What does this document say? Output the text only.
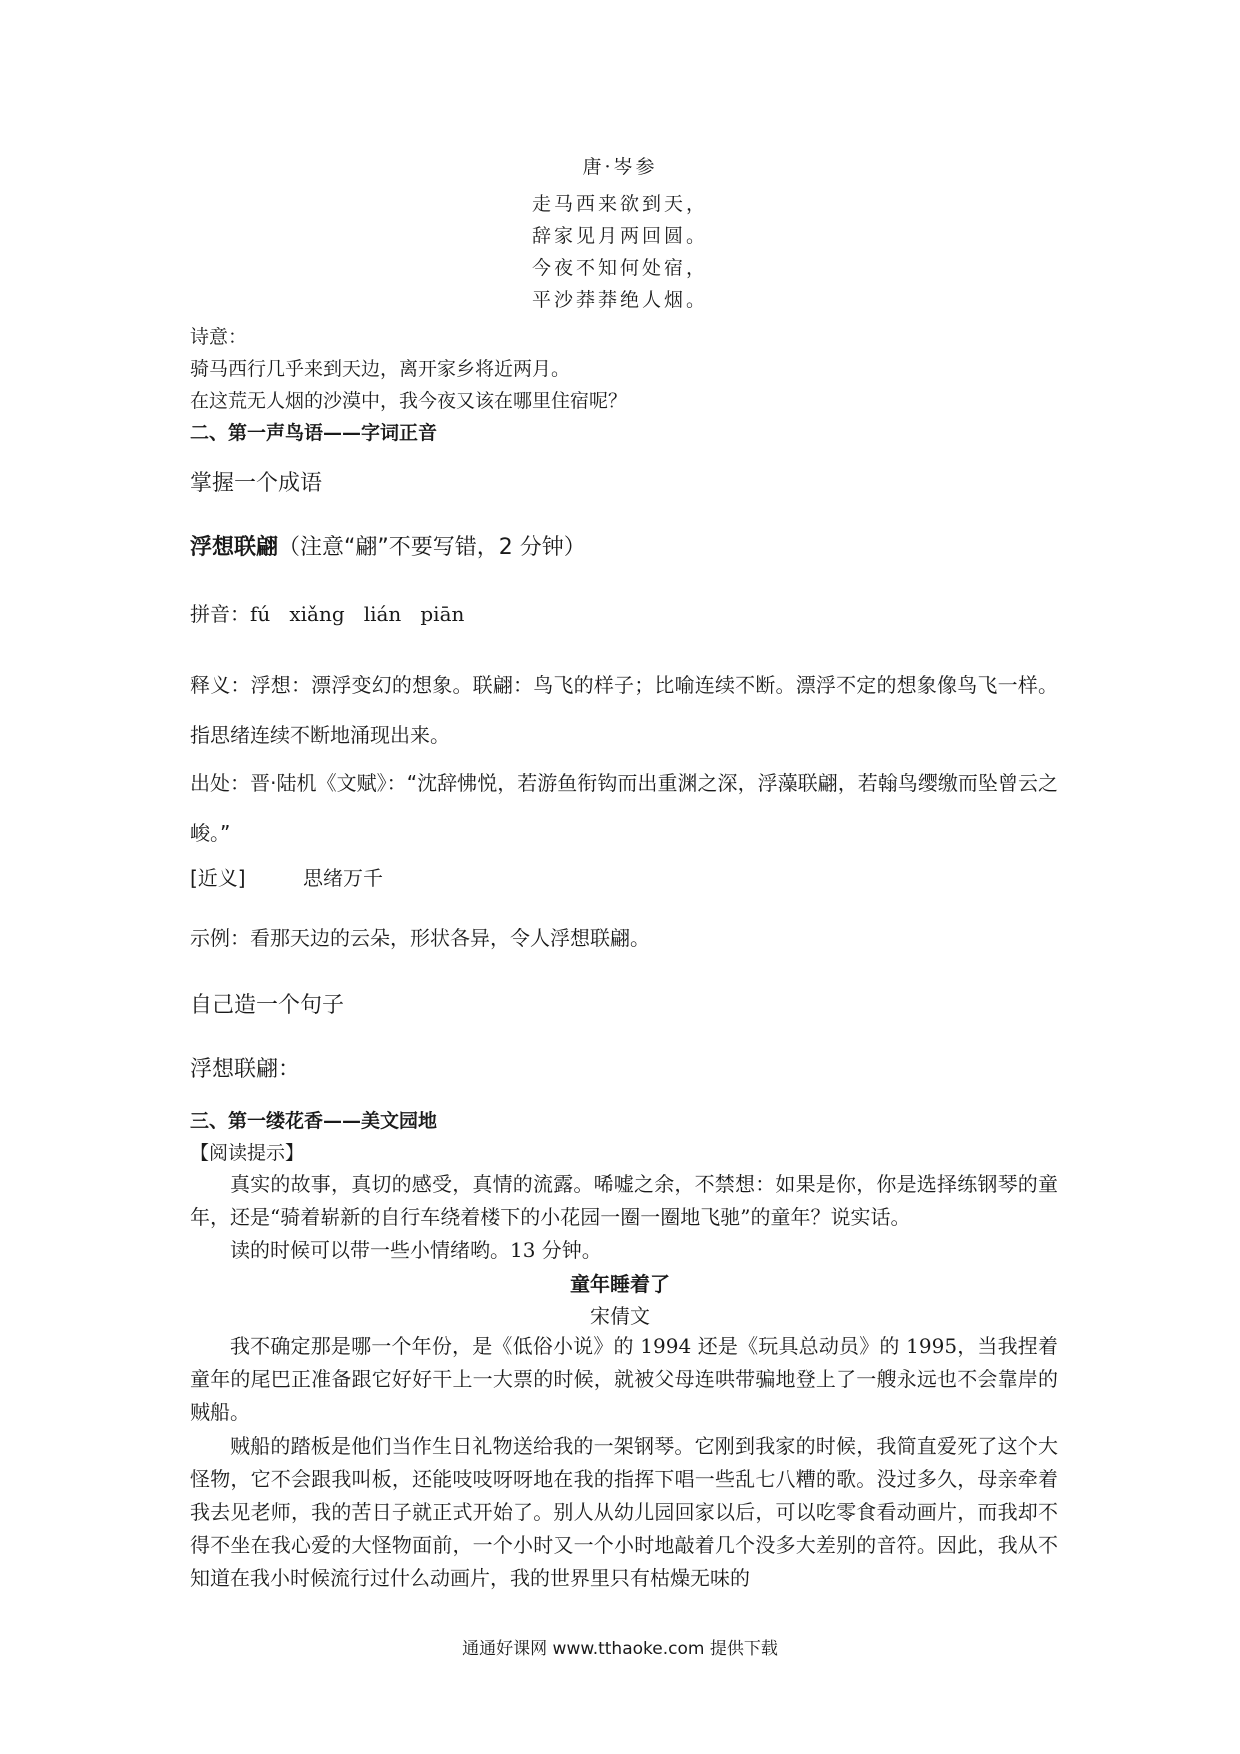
唐·岑参
走马西来欲到天，
辞家见月两回圆。
今夜不知何处宿，
平沙莽莽绝人烟。
诗意：
骑马西行几乎来到天边，离开家乡将近两月。
在这荒无人烟的沙漠中，我今夜又该在哪里住宿呢？
二、第一声鸟语——字词正音
掌握一个成语
浮想联翩（注意“翩”不要写错，2 分钟）
拼音：fú   xiǎng   lián   piān
释义：浮想：漂浮变幻的想象。联翩：鸟飞的样子；比喻连续不断。漂浮不定的想象像鸟飞一样。指思绪连续不断地涌现出来。
出处：晋·陆机《文赋》：“沈辞怫悦，若游鱼衔钩而出重渊之深，浮藻联翩，若翰鸟缨缴而坠曾云之峻。”
[近义]	思绪万千
示例：看那天边的云朵，形状各异，令人浮想联翩。
自己造一个句子
浮想联翩：
三、第一缕花香——美文园地
【阅读提示】
真实的故事，真切的感受，真情的流露。唏嘘之余，不禁想：如果是你，你是选择练钢琴的童年，还是“骑着崭新的自行车绕着楼下的小花园一圈一圈地飞驰”的童年？说实话。
读的时候可以带一些小情绪哟。13 分钟。
童年睡着了
宋倩文
我不确定那是哪一个年份，是《低俗小说》的 1994 还是《玩具总动员》的 1995，当我捏着童年的尾巴正准备跟它好好干上一大票的时候，就被父母连哄带骗地登上了一艘永远也不会靠岸的贼船。
贼船的踏板是他们当作生日礼物送给我的一架钢琴。它刚到我家的时候，我简直爱死了这个大怪物，它不会跟我叫板，还能吱吱呀呀地在我的指挥下唱一些乱七八糟的歌。没过多久，母亲牵着我去见老师，我的苦日子就正式开始了。别人从幼儿园回家以后，可以吃零食看动画片，而我却不得不坐在我心爱的大怪物面前，一个小时又一个小时地敲着几个没多大差别的音符。因此，我从不知道在我小时候流行过什么动画片，我的世界里只有枯燥无味的
通通好课网 www.tthaoke.com 提供下载
